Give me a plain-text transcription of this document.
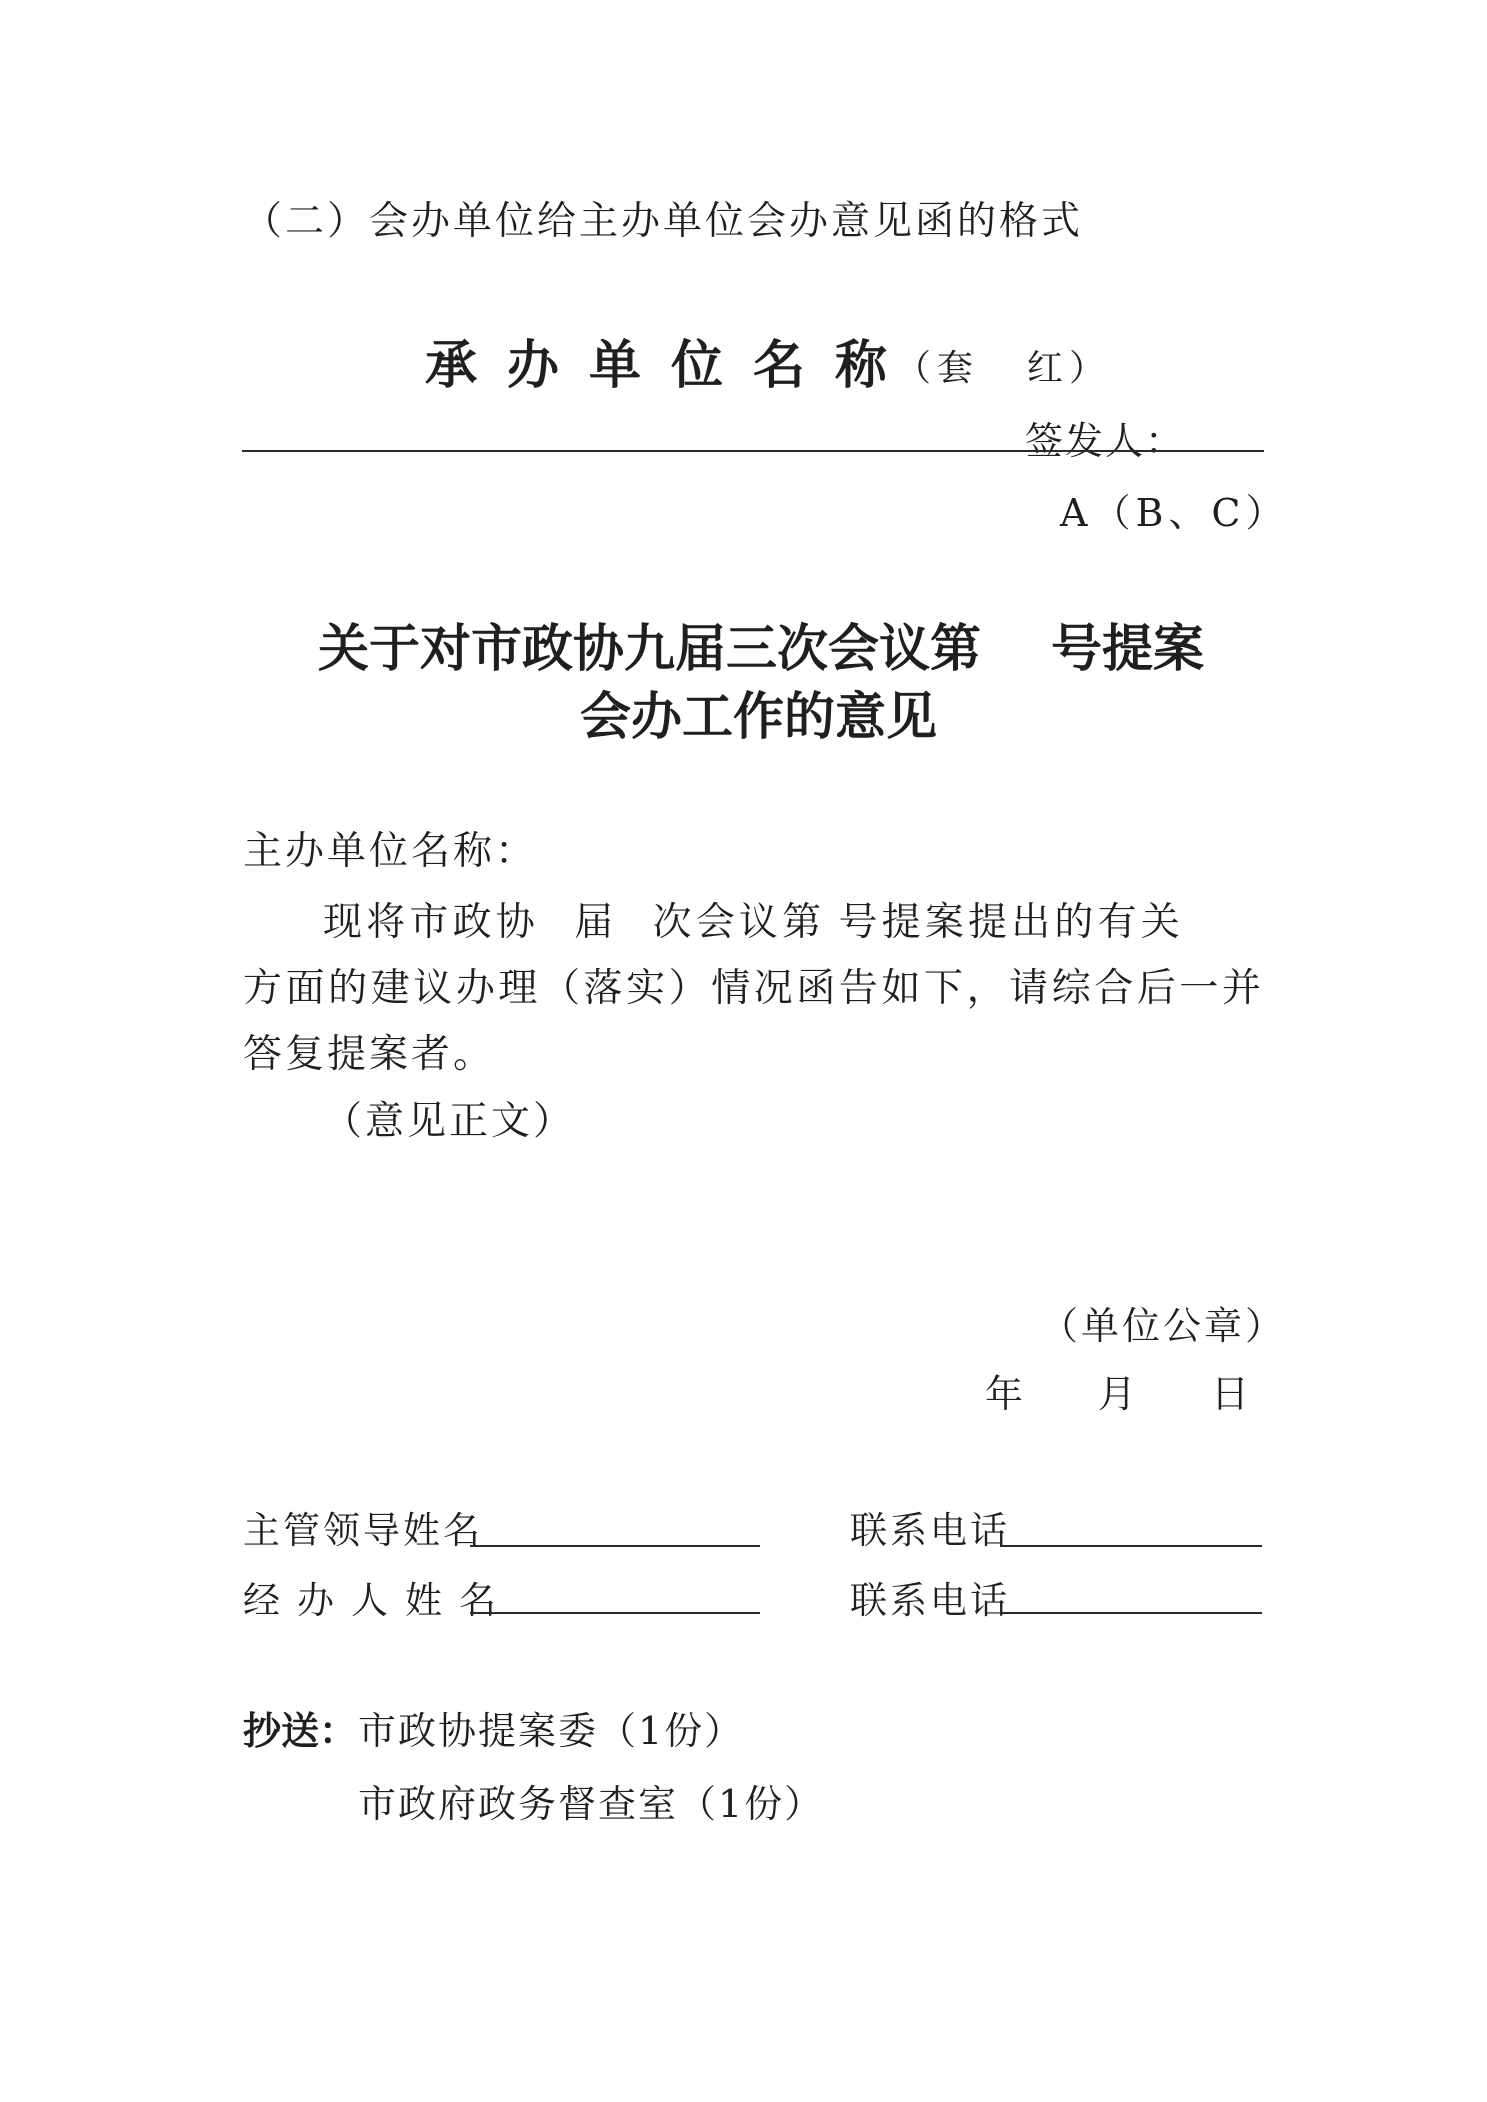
（二）会办单位给主办单位会办意见函的格式
承办单位名称
（套 红）
签发人：
A（B、C）
关于对市政协九届三次会议第 号提案
会办工作的意见
主办单位名称：
现将市政协 届 次会议第 号提案提出的有关方面的建议办理（落实）情况函告如下，请综合后一并答复提案者。
（意见正文）
（单位公章）
年 月 日
主管领导姓名	联系电话
经办人姓名	联系电话
抄送： 市政协提案委（1份）
市政府政务督查室（1份）
